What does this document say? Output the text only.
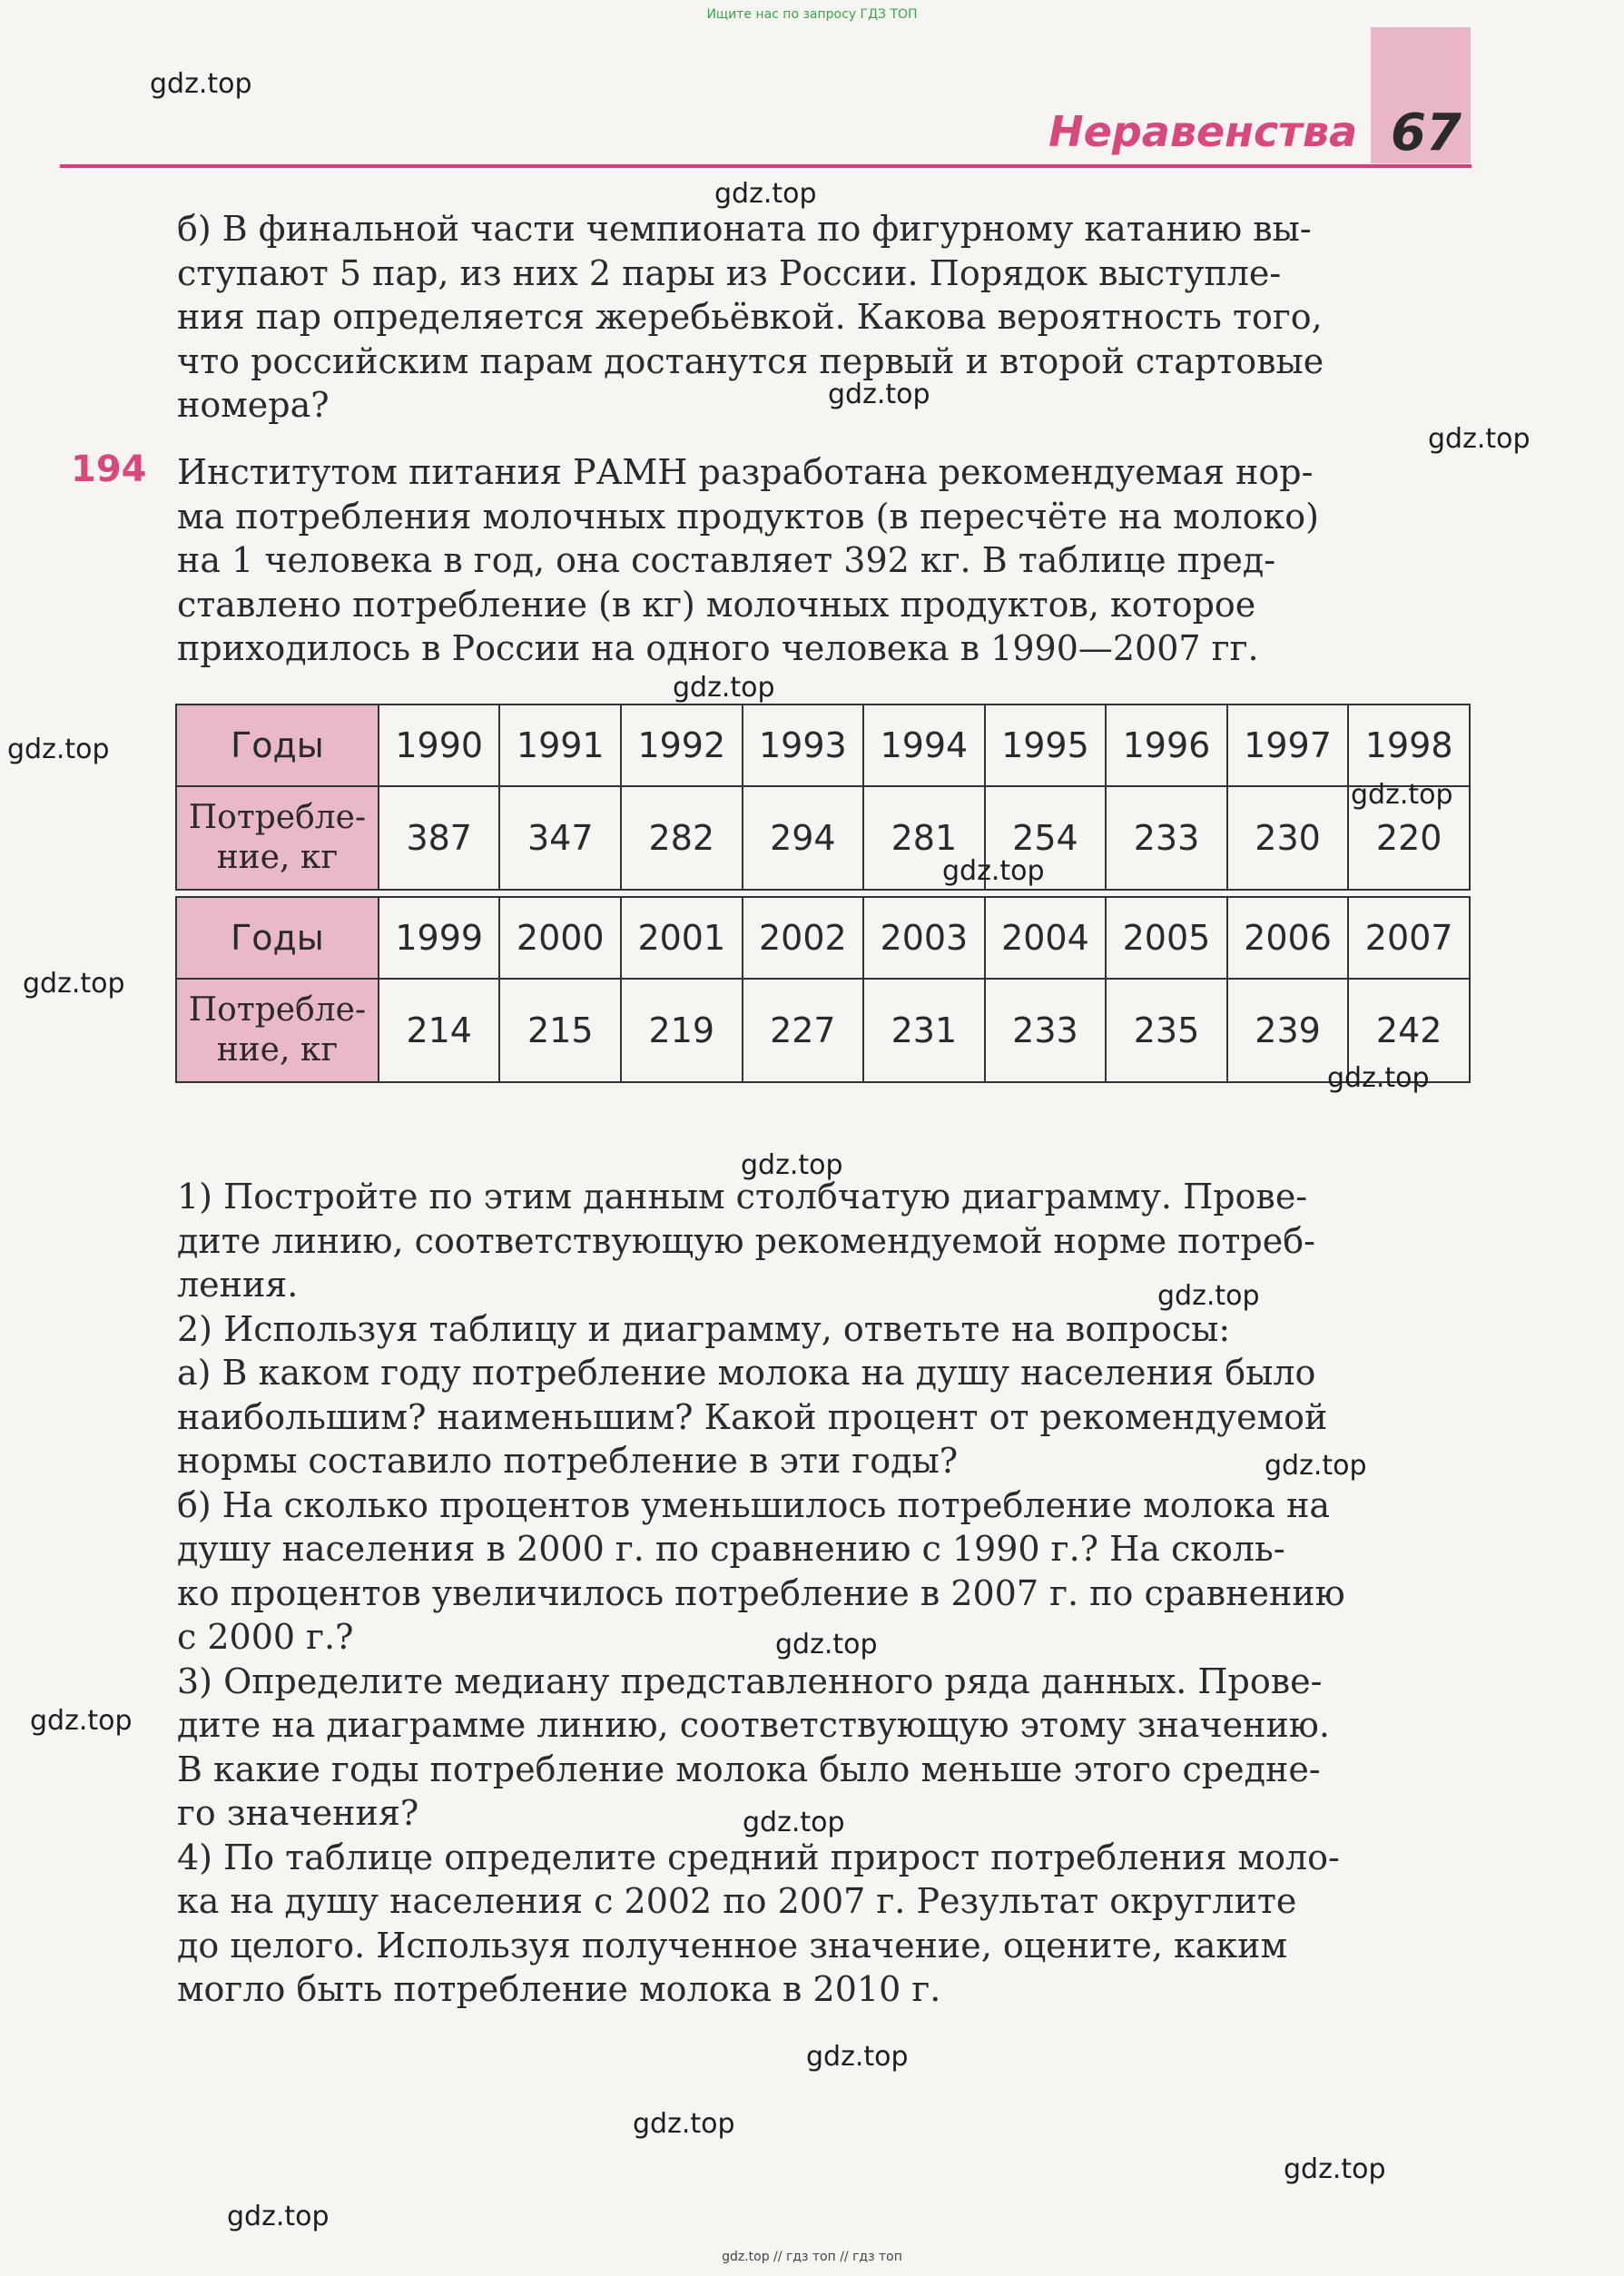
Ищите нас по запросу ГДЗ ТОП
Неравенства 67

б) В финальной части чемпионата по фигурному катанию вы-

ступают 5 пар, из них 2 пары из России. Порядок выступле-

ния пар определяется жеребьёвкой. Какова вероятность того,

что российским парам достанутся первый и второй стартовые

номера?

194 Институтом питания РАМН разработана рекомендуемая нор-

ма потребления молочных продуктов (в пересчёте на молоко)

на 1 человека в год, она составляет 392 кг. В таблице пред-

ставлено потребление (в кг) молочных продуктов, которое

приходилось в России на одного человека в 1990—2007 гг.

Годы	1990	1991	1992	1993	1994	1995	1996	1997	1998
Потребле-
ние, кг	387	347	282	294	281	254	233	230	220

Годы	1999	2000	2001	2002	2003	2004	2005	2006	2007
Потребле-
ние, кг	214	215	219	227	231	233	235	239	242

1) Постройте по этим данным столбчатую диаграмму. Прове-

дите линию, соответствующую рекомендуемой норме потреб-

ления.

2) Используя таблицу и диаграмму, ответьте на вопросы:

а) В каком году потребление молока на душу населения было

наибольшим? наименьшим? Какой процент от рекомендуемой

нормы составило потребление в эти годы?

б) На сколько процентов уменьшилось потребление молока на

душу населения в 2000 г. по сравнению с 1990 г.? На сколь-

ко процентов увеличилось потребление в 2007 г. по сравнению

с 2000 г.?

3) Определите медиану представленного ряда данных. Прове-

дите на диаграмме линию, соответствующую этому значению.

В какие годы потребление молока было меньше этого средне-

го значения?

4) По таблице определите средний прирост потребления моло-

ка на душу населения с 2002 по 2007 г. Результат округлите

до целого. Используя полученное значение, оцените, каким

могло быть потребление молока в 2010 г.

gdz.top
gdz.top
gdz.top
gdz.top
gdz.top
gdz.top
gdz.top
gdz.top
gdz.top
gdz.top
gdz.top
gdz.top
gdz.top
gdz.top
gdz.top
gdz.top
gdz.top
gdz.top
gdz.top
gdz.top
gdz.top // гдз топ // гдз топ
